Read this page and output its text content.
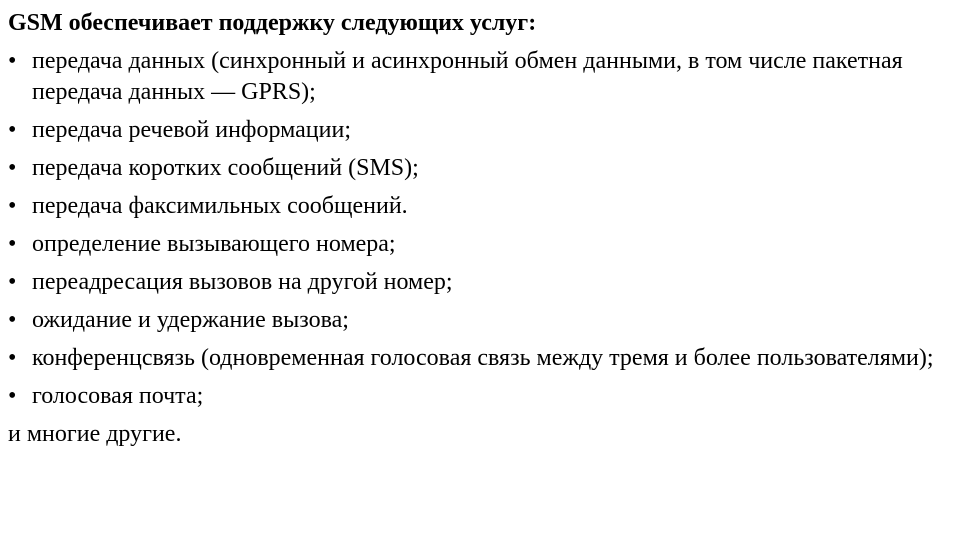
GSM обеспечивает поддержку следующих услуг:

• передача данных (синхронный и асинхронный обмен данными, в том числе пакетная передача данных — GPRS);
• передача речевой информации;
• передача коротких сообщений (SMS);
• передача факсимильных сообщений.
• определение вызывающего номера;
• переадресация вызовов на другой номер;
• ожидание и удержание вызова;
• конференцсвязь (одновременная голосовая связь между тремя и более пользователями);
• голосовая почта;

и многие другие.
